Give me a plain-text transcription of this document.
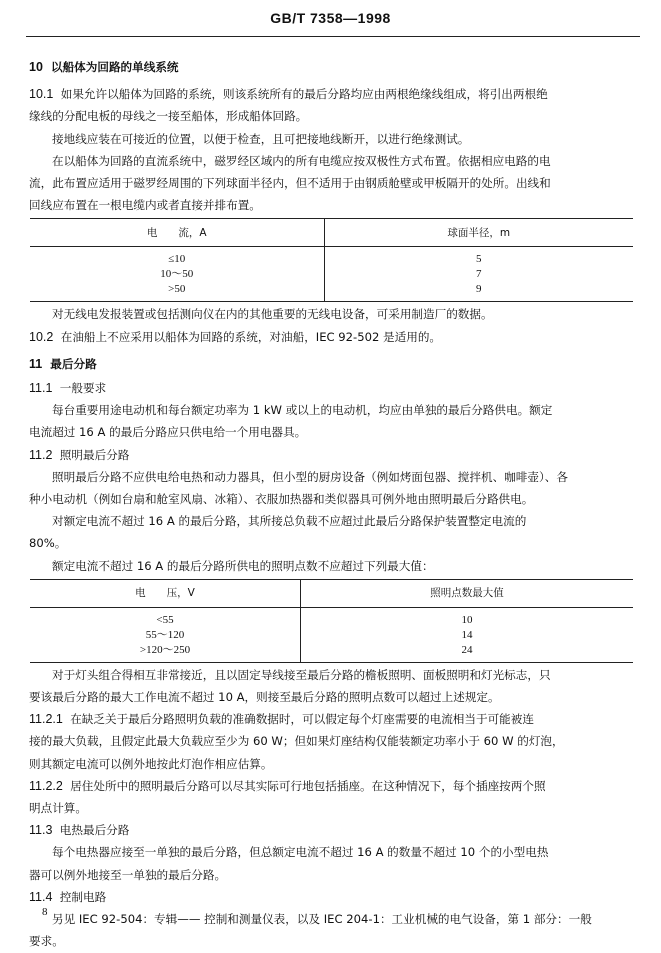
GB/T 7358—1998
10 以船体为回路的单线系统
10.1 如果允许以船体为回路的系统，则该系统所有的最后分路均应由两根绝缘线组成，将引出两根绝
缘线的分配电板的母线之一接至船体，形成船体回路。
接地线应装在可接近的位置，以便于检查，且可把接地线断开，以进行绝缘测试。
在以船体为回路的直流系统中，磁罗经区域内的所有电缆应按双极性方式布置。依据相应电路的电
流，此布置应适用于磁罗经周围的下列球面半径内，但不适用于由钢质舱壁或甲板隔开的处所。出线和
回线应布置在一根电缆内或者直接并排布置。
电　　流，A	球面半径，m
≤10	5
10～50	7
>50	9
对无线电发报装置或包括测向仪在内的其他重要的无线电设备，可采用制造厂的数据。
10.2 在油船上不应采用以船体为回路的系统，对油船，IEC 92-502 是适用的。
11 最后分路
11.1 一般要求
每台重要用途电动机和每台额定功率为 1 kW 或以上的电动机，均应由单独的最后分路供电。额定
电流超过 16 A 的最后分路应只供电给一个用电器具。
11.2 照明最后分路
照明最后分路不应供电给电热和动力器具，但小型的厨房设备（例如烤面包器、搅拌机、咖啡壶）、各
种小电动机（例如台扇和舱室风扇、冰箱）、衣服加热器和类似器具可例外地由照明最后分路供电。
对额定电流不超过 16 A 的最后分路，其所接总负载不应超过此最后分路保护装置整定电流的
80%。
额定电流不超过 16 A 的最后分路所供电的照明点数不应超过下列最大值：
电　　压，V	照明点数最大值
<55	10
55～120	14
>120～250	24
对于灯头组合得相互非常接近，且以固定导线接至最后分路的檐板照明、面板照明和灯光标志，只
要该最后分路的最大工作电流不超过 10 A，则接至最后分路的照明点数可以超过上述规定。
11.2.1 在缺乏关于最后分路照明负载的准确数据时，可以假定每个灯座需要的电流相当于可能被连
接的最大负载，且假定此最大负载应至少为 60 W；但如果灯座结构仅能装额定功率小于 60 W 的灯泡，
则其额定电流可以例外地按此灯泡作相应估算。
11.2.2 居住处所中的照明最后分路可以尽其实际可行地包括插座。在这种情况下，每个插座按两个照
明点计算。
11.3 电热最后分路
每个电热器应接至一单独的最后分路，但总额定电流不超过 16 A 的数量不超过 10 个的小型电热
器可以例外地接至一单独的最后分路。
11.4 控制电路
另见 IEC 92-504：专辑—— 控制和测量仪表，以及 IEC 204-1：工业机械的电气设备，第 1 部分：一般
要求。
8
